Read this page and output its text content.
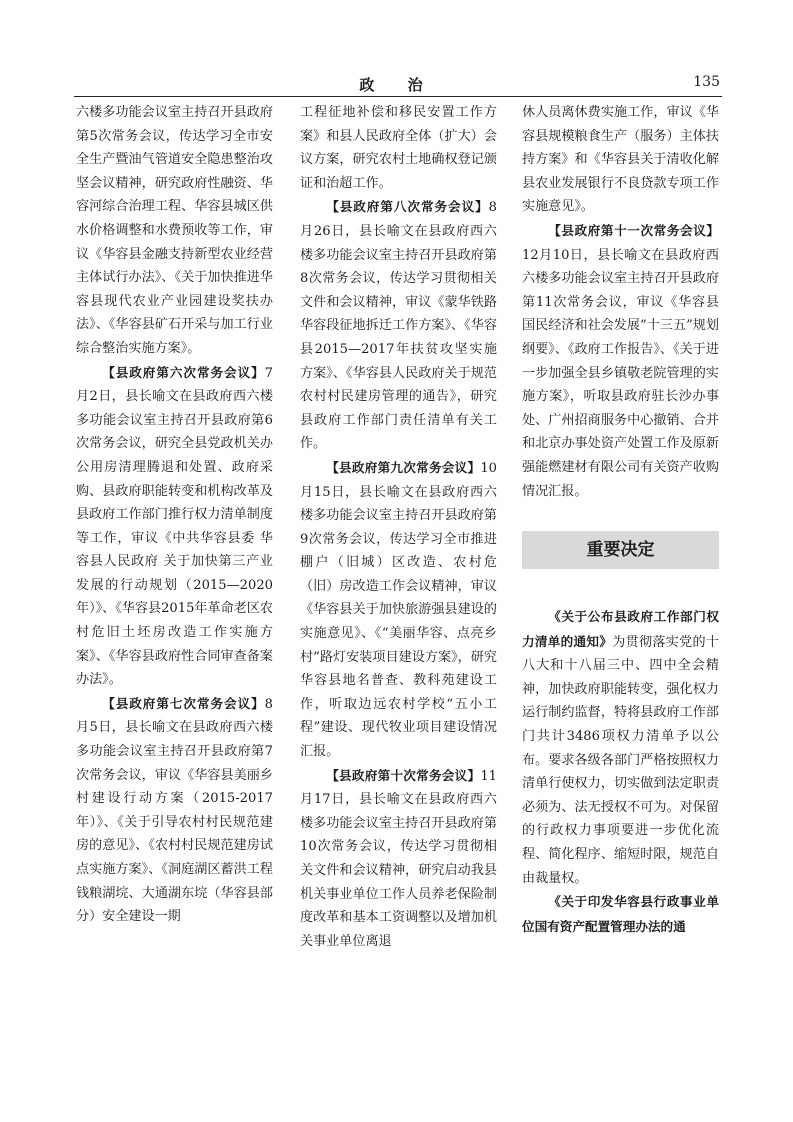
政 治	135

六楼多功能会议室主持召开县政府第5次常务会议，传达学习全市安全生产暨油气管道安全隐患整治攻坚会议精神，研究政府性融资、华容河综合治理工程、华容县城区供水价格调整和水费预收等工作，审议《华容县金融支持新型农业经营主体试行办法》、《关于加快推进华容县现代农业产业园建设奖扶办法》、《华容县矿石开采与加工行业综合整治实施方案》。

【县政府第六次常务会议】7月2日，县长喻文在县政府西六楼多功能会议室主持召开县政府第6次常务会议，研究全县党政机关办公用房清理腾退和处置、政府采购、县政府职能转变和机构改革及县政府工作部门推行权力清单制度等工作，审议《中共华容县委 华容县人民政府 关于加快第三产业发展的行动规划（2015—2020年）》、《华容县2015年革命老区农村危旧土坯房改造工作实施方案》、《华容县政府性合同审查备案办法》。

【县政府第七次常务会议】8月5日，县长喻文在县政府西六楼多功能会议室主持召开县政府第7次常务会议，审议《华容县美丽乡村建设行动方案（2015-2017年）》、《关于引导农村村民规范建房的意见》、《农村村民规范建房试点实施方案》、《洞庭湖区蓄洪工程钱粮湖垸、大通湖东垸（华容县部分）安全建设一期

工程征地补偿和移民安置工作方案》和县人民政府全体（扩大）会议方案，研究农村土地确权登记颁证和治超工作。

【县政府第八次常务会议】8月26日，县长喻文在县政府西六楼多功能会议室主持召开县政府第8次常务会议，传达学习贯彻相关文件和会议精神，审议《蒙华铁路华容段征地拆迁工作方案》、《华容县2015—2017年扶贫攻坚实施方案》、《华容县人民政府关于规范农村村民建房管理的通告》，研究县政府工作部门责任清单有关工作。

【县政府第九次常务会议】10月15日，县长喻文在县政府西六楼多功能会议室主持召开县政府第9次常务会议，传达学习全市推进棚户（旧城）区改造、农村危（旧）房改造工作会议精神，审议《华容县关于加快旅游强县建设的实施意见》、《“美丽华容、点亮乡村”路灯安装项目建设方案》，研究华容县地名普查、教科苑建设工作，听取边远农村学校“五小工程”建设、现代牧业项目建设情况汇报。

【县政府第十次常务会议】11月17日，县长喻文在县政府西六楼多功能会议室主持召开县政府第10次常务会议，传达学习贯彻相关文件和会议精神，研究启动我县机关事业单位工作人员养老保险制度改革和基本工资调整以及增加机关事业单位离退

休人员离休费实施工作，审议《华容县规模粮食生产（服务）主体扶持方案》和《华容县关于清收化解县农业发展银行不良贷款专项工作实施意见》。

【县政府第十一次常务会议】12月10日，县长喻文在县政府西六楼多功能会议室主持召开县政府第11次常务会议，审议《华容县国民经济和社会发展“十三五”规划纲要》、《政府工作报告》、《关于进一步加强全县乡镇敬老院管理的实施方案》，听取县政府驻长沙办事处、广州招商服务中心撤销、合并和北京办事处资产处置工作及原新强能燃建材有限公司有关资产收购情况汇报。

重要决定

《关于公布县政府工作部门权力清单的通知》为贯彻落实党的十八大和十八届三中、四中全会精神，加快政府职能转变，强化权力运行制约监督，特将县政府工作部门共计3486项权力清单予以公布。要求各级各部门严格按照权力清单行使权力，切实做到法定职责必须为、法无授权不可为。对保留的行政权力事项要进一步优化流程、简化程序、缩短时限，规范自由裁量权。

《关于印发华容县行政事业单位国有资产配置管理办法的通
